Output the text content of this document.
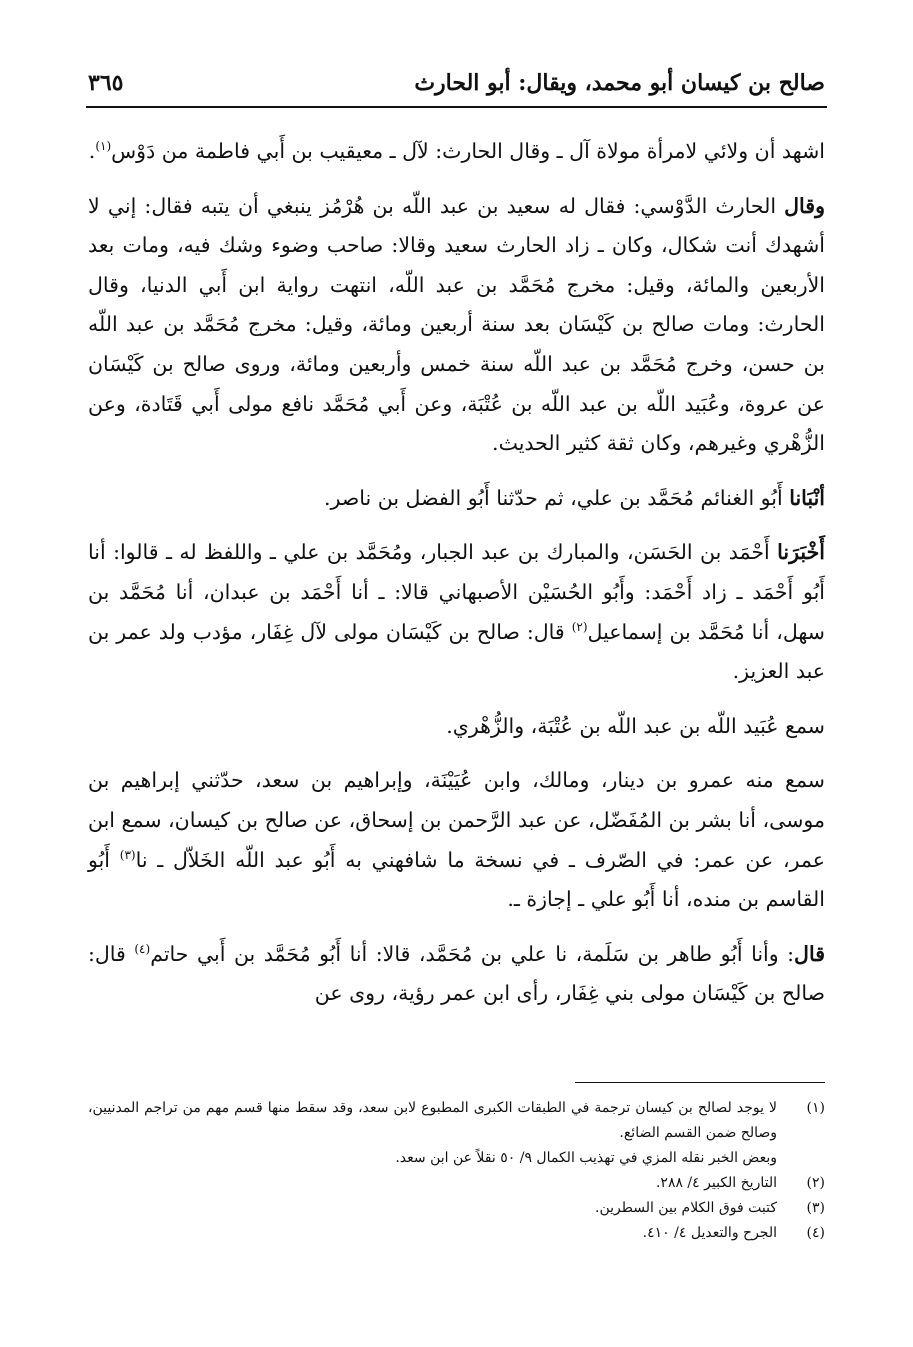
صالح بن كيسان أبو محمد، ويقال: أبو الحارث
٣٦٥

اشهد أن ولائي لامرأة مولاة آل ـ وقال الحارث: لآل ـ معيقيب بن أَبي فاطمة من دَوْس$^{(١)}$.

وقال الحارث الدَّوْسي: فقال له سعيد بن عبد اللّه بن هُرْمُز ينبغي أن يتبه فقال: إني لا أشهدك أنت شكال، وكان ـ زاد الحارث سعيد وقالا: صاحب وضوء وشك فيه، ومات بعد الأربعين والمائة، وقيل: مخرج مُحَمَّد بن عبد اللّه، انتهت رواية ابن أَبي الدنيا، وقال الحارث: ومات صالح بن كَيْسَان بعد سنة أربعين ومائة، وقيل: مخرج مُحَمَّد بن عبد اللّه بن حسن، وخرج مُحَمَّد بن عبد اللّه سنة خمس وأربعين ومائة، وروى صالح بن كَيْسَان عن عروة، وعُبَيد اللّه بن عبد اللّه بن عُتْبَة، وعن أَبي مُحَمَّد نافع مولى أَبي قَتَادة، وعن الزُّهْري وغيرهم، وكان ثقة كثير الحديث.

أنْبَانا أَبُو الغنائم مُحَمَّد بن علي، ثم حدّثنا أَبُو الفضل بن ناصر.

أَخْبَرَنا أَحْمَد بن الحَسَن، والمبارك بن عبد الجبار، ومُحَمَّد بن علي ـ واللفظ له ـ قالوا: أنا أَبُو أَحْمَد ـ زاد أَحْمَد: وأَبُو الحُسَيْن الأصبهاني قالا: ـ أنا أَحْمَد بن عبدان، أنا مُحَمَّد بن سهل، أنا مُحَمَّد بن إسماعيل$^{(٢)}$ قال: صالح بن كَيْسَان مولى لآل غِفَار، مؤدب ولد عمر بن عبد العزيز.

سمع عُبَيد اللّه بن عبد اللّه بن عُتْبَة، والزُّهْري.

سمع منه عمرو بن دينار، ومالك، وابن عُيَيْنَة، وإبراهيم بن سعد، حدّثني إبراهيم بن موسى، أنا بشر بن المُفَضّل، عن عبد الرَّحمن بن إسحاق، عن صالح بن كيسان، سمع ابن عمر، عن عمر: في الصّرف ـ في نسخة ما شافهني به أَبُو عبد اللّه الخَلاّل ـ نا$^{(٣)}$ أَبُو القاسم بن منده، أنا أَبُو علي ـ إجازة ـ.

قال: وأنا أَبُو طاهر بن سَلَمة، نا علي بن مُحَمَّد، قالا: أنا أَبُو مُحَمَّد بن أَبي حاتم$^{(٤)}$ قال: صالح بن كَيْسَان مولى بني غِفَار، رأى ابن عمر رؤية، روى عن

(١)
لا يوجد لصالح بن كيسان ترجمة في الطبقات الكبرى المطبوع لابن سعد، وقد سقط منها قسم مهم من تراجم المدنيين، وصالح ضمن القسم الضائع.
وبعض الخبر نقله المزي في تهذيب الكمال ٩/ ٥٠ نقلاً عن ابن سعد.
(٢)
التاريخ الكبير ٤/ ٢٨٨.
(٣)
كتبت فوق الكلام بين السطرين.
(٤)
الجرح والتعديل ٤/ ٤١٠.
